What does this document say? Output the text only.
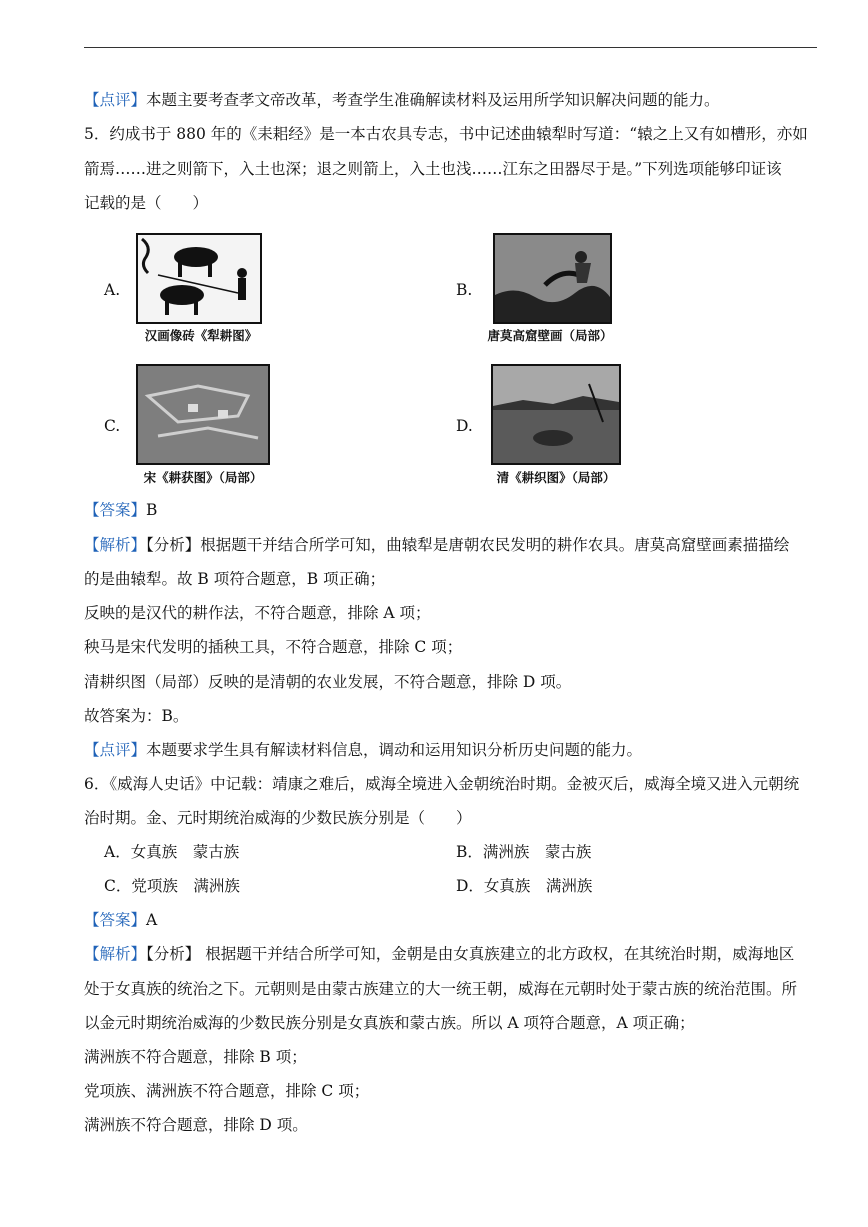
【点评】本题主要考查孝文帝改革，考查学生准确解读材料及运用所学知识解决问题的能力。
5．约成书于 880 年的《耒耜经》是一本古农具专志，书中记述曲辕犁时写道：“辕之上又有如槽形，亦如
箭焉……进之则箭下，入土也深；退之则箭上，入土也浅……江东之田器尽于是。”下列选项能够印证该
记载的是（　　）
A.
汉画像砖《犁耕图》
B.
唐莫高窟壁画（局部）
C.
宋《耕获图》（局部）
D.
清《耕织图》（局部）
【答案】B
【解析】【分析】根据题干并结合所学可知，曲辕犁是唐朝农民发明的耕作农具。唐莫高窟壁画素描描绘
的是曲辕犁。故 B 项符合题意，B 项正确；
反映的是汉代的耕作法，不符合题意，排除 A 项；
秧马是宋代发明的插秧工具，不符合题意，排除 C 项；
清耕织图（局部）反映的是清朝的农业发展，不符合题意，排除 D 项。
故答案为：B。
【点评】本题要求学生具有解读材料信息，调动和运用知识分析历史问题的能力。
6．《威海人史话》中记载：靖康之难后，威海全境进入金朝统治时期。金被灭后，威海全境又进入元朝统
治时期。金、元时期统治威海的少数民族分别是（　　）
A．女真族　蒙古族	B．满洲族　蒙古族
C．党项族　满洲族	D．女真族　满洲族
【答案】A
【解析】【分析】 根据题干并结合所学可知，金朝是由女真族建立的北方政权，在其统治时期，威海地区
处于女真族的统治之下。元朝则是由蒙古族建立的大一统王朝，威海在元朝时处于蒙古族的统治范围。所
以金元时期统治威海的少数民族分别是女真族和蒙古族。所以 A 项符合题意，A 项正确；
满洲族不符合题意，排除 B 项；
党项族、满洲族不符合题意，排除 C 项；
满洲族不符合题意，排除 D 项。
